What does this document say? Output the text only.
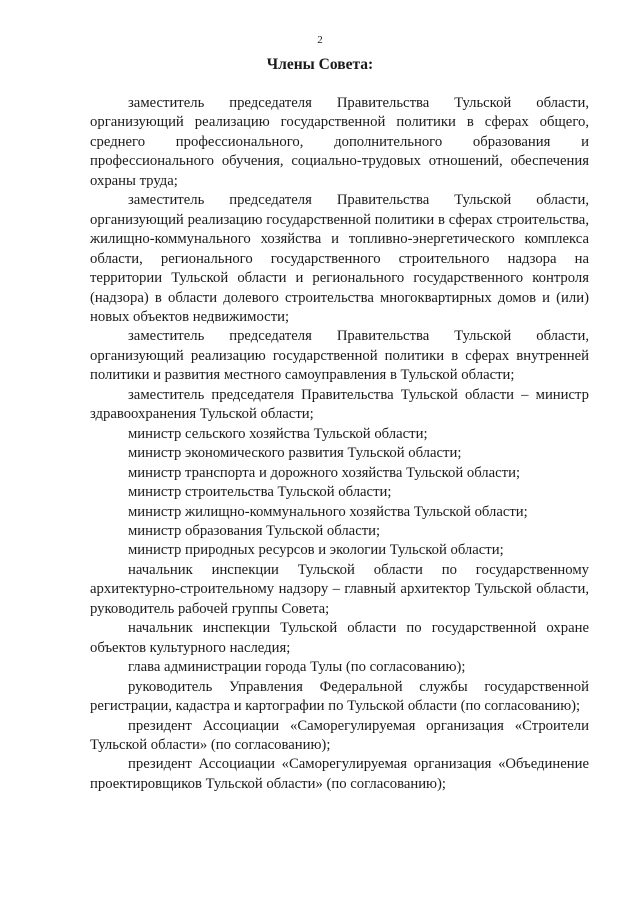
2
Члены Совета:

заместитель председателя Правительства Тульской области, организующий реализацию государственной политики в сферах общего, среднего профессионального, дополнительного образования и профессионального обучения, социально-трудовых отношений, обеспечения охраны труда;

заместитель председателя Правительства Тульской области, организующий реализацию государственной политики в сферах строительства, жилищно-коммунального хозяйства и топливно-энергетического комплекса области, регионального государственного строительного надзора на территории Тульской области и регионального государственного контроля (надзора) в области долевого строительства многоквартирных домов и (или) новых объектов недвижимости;

заместитель председателя Правительства Тульской области, организующий реализацию государственной политики в сферах внутренней политики и развития местного самоуправления в Тульской области;

заместитель председателя Правительства Тульской области – министр здравоохранения Тульской области;

министр сельского хозяйства Тульской области;

министр экономического развития Тульской области;

министр транспорта и дорожного хозяйства Тульской области;

министр строительства Тульской области;

министр жилищно-коммунального хозяйства Тульской области;

министр образования Тульской области;

министр природных ресурсов и экологии Тульской области;

начальник инспекции Тульской области по государственному архитектурно-строительному надзору – главный архитектор Тульской области, руководитель рабочей группы Совета;

начальник инспекции Тульской области по государственной охране объектов культурного наследия;

глава администрации города Тулы (по согласованию);

руководитель Управления Федеральной службы государственной регистрации, кадастра и картографии по Тульской области (по согласованию);

президент Ассоциации «Саморегулируемая организация «Строители Тульской области» (по согласованию);

президент Ассоциации «Саморегулируемая организация «Объединение проектировщиков Тульской области» (по согласованию);
